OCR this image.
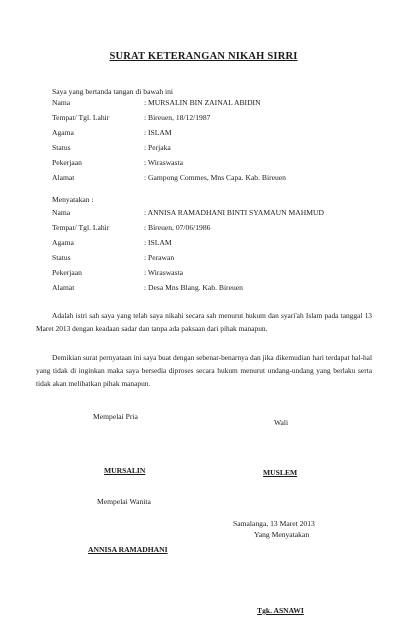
SURAT KETERANGAN NIKAH SIRRI
Saya yang bertanda tangan di bawah ini
Nama	: MURSALIN BIN ZAINAL ABIDIN
Tempat/ Tgl. Lahir	: Bireuen, 18/12/1987
Agama	: ISLAM
Status	: Perjaka
Pekerjaan	: Wiraswasta
Alamat	: Gampong Commes, Mns Capa. Kab. Bireuen
Menyatakan :
Nama	: ANNISA RAMADHANI BINTI SYAMAUN MAHMUD
Tempat/ Tgl. Lahir	: Bireuen, 07/06/1986
Agama	: ISLAM
Status	: Perawan
Pekerjaan	: Wiraswasta
Alamat	: Desa Mns Blang. Kab. Bireuen
Adalah istri sah saya yang telah saya nikahi secara sah menurut hukum dan syari'ah Islam pada tanggal 13 Maret 2013 dengan keadaan sadar dan tanpa ada paksaan dari pihak manapun.
Demikian surat pernyataan ini saya buat dengan sebenar-benarnya dan jika dikemudian hari terdapat hal-hal yang tidak di inginkan maka saya bersedia diproses secara hukum menurut undang-undang yang berlaku serta tidak akan melibatkan pihak manapun.
Mempelai Pria
Wali
MURSALIN	MUSLEM
Mempelai Wanita
Samalanga, 13 Maret 2013
Yang Menyatakan
ANNISA RAMADHANI
Tgk. ASNAWI
